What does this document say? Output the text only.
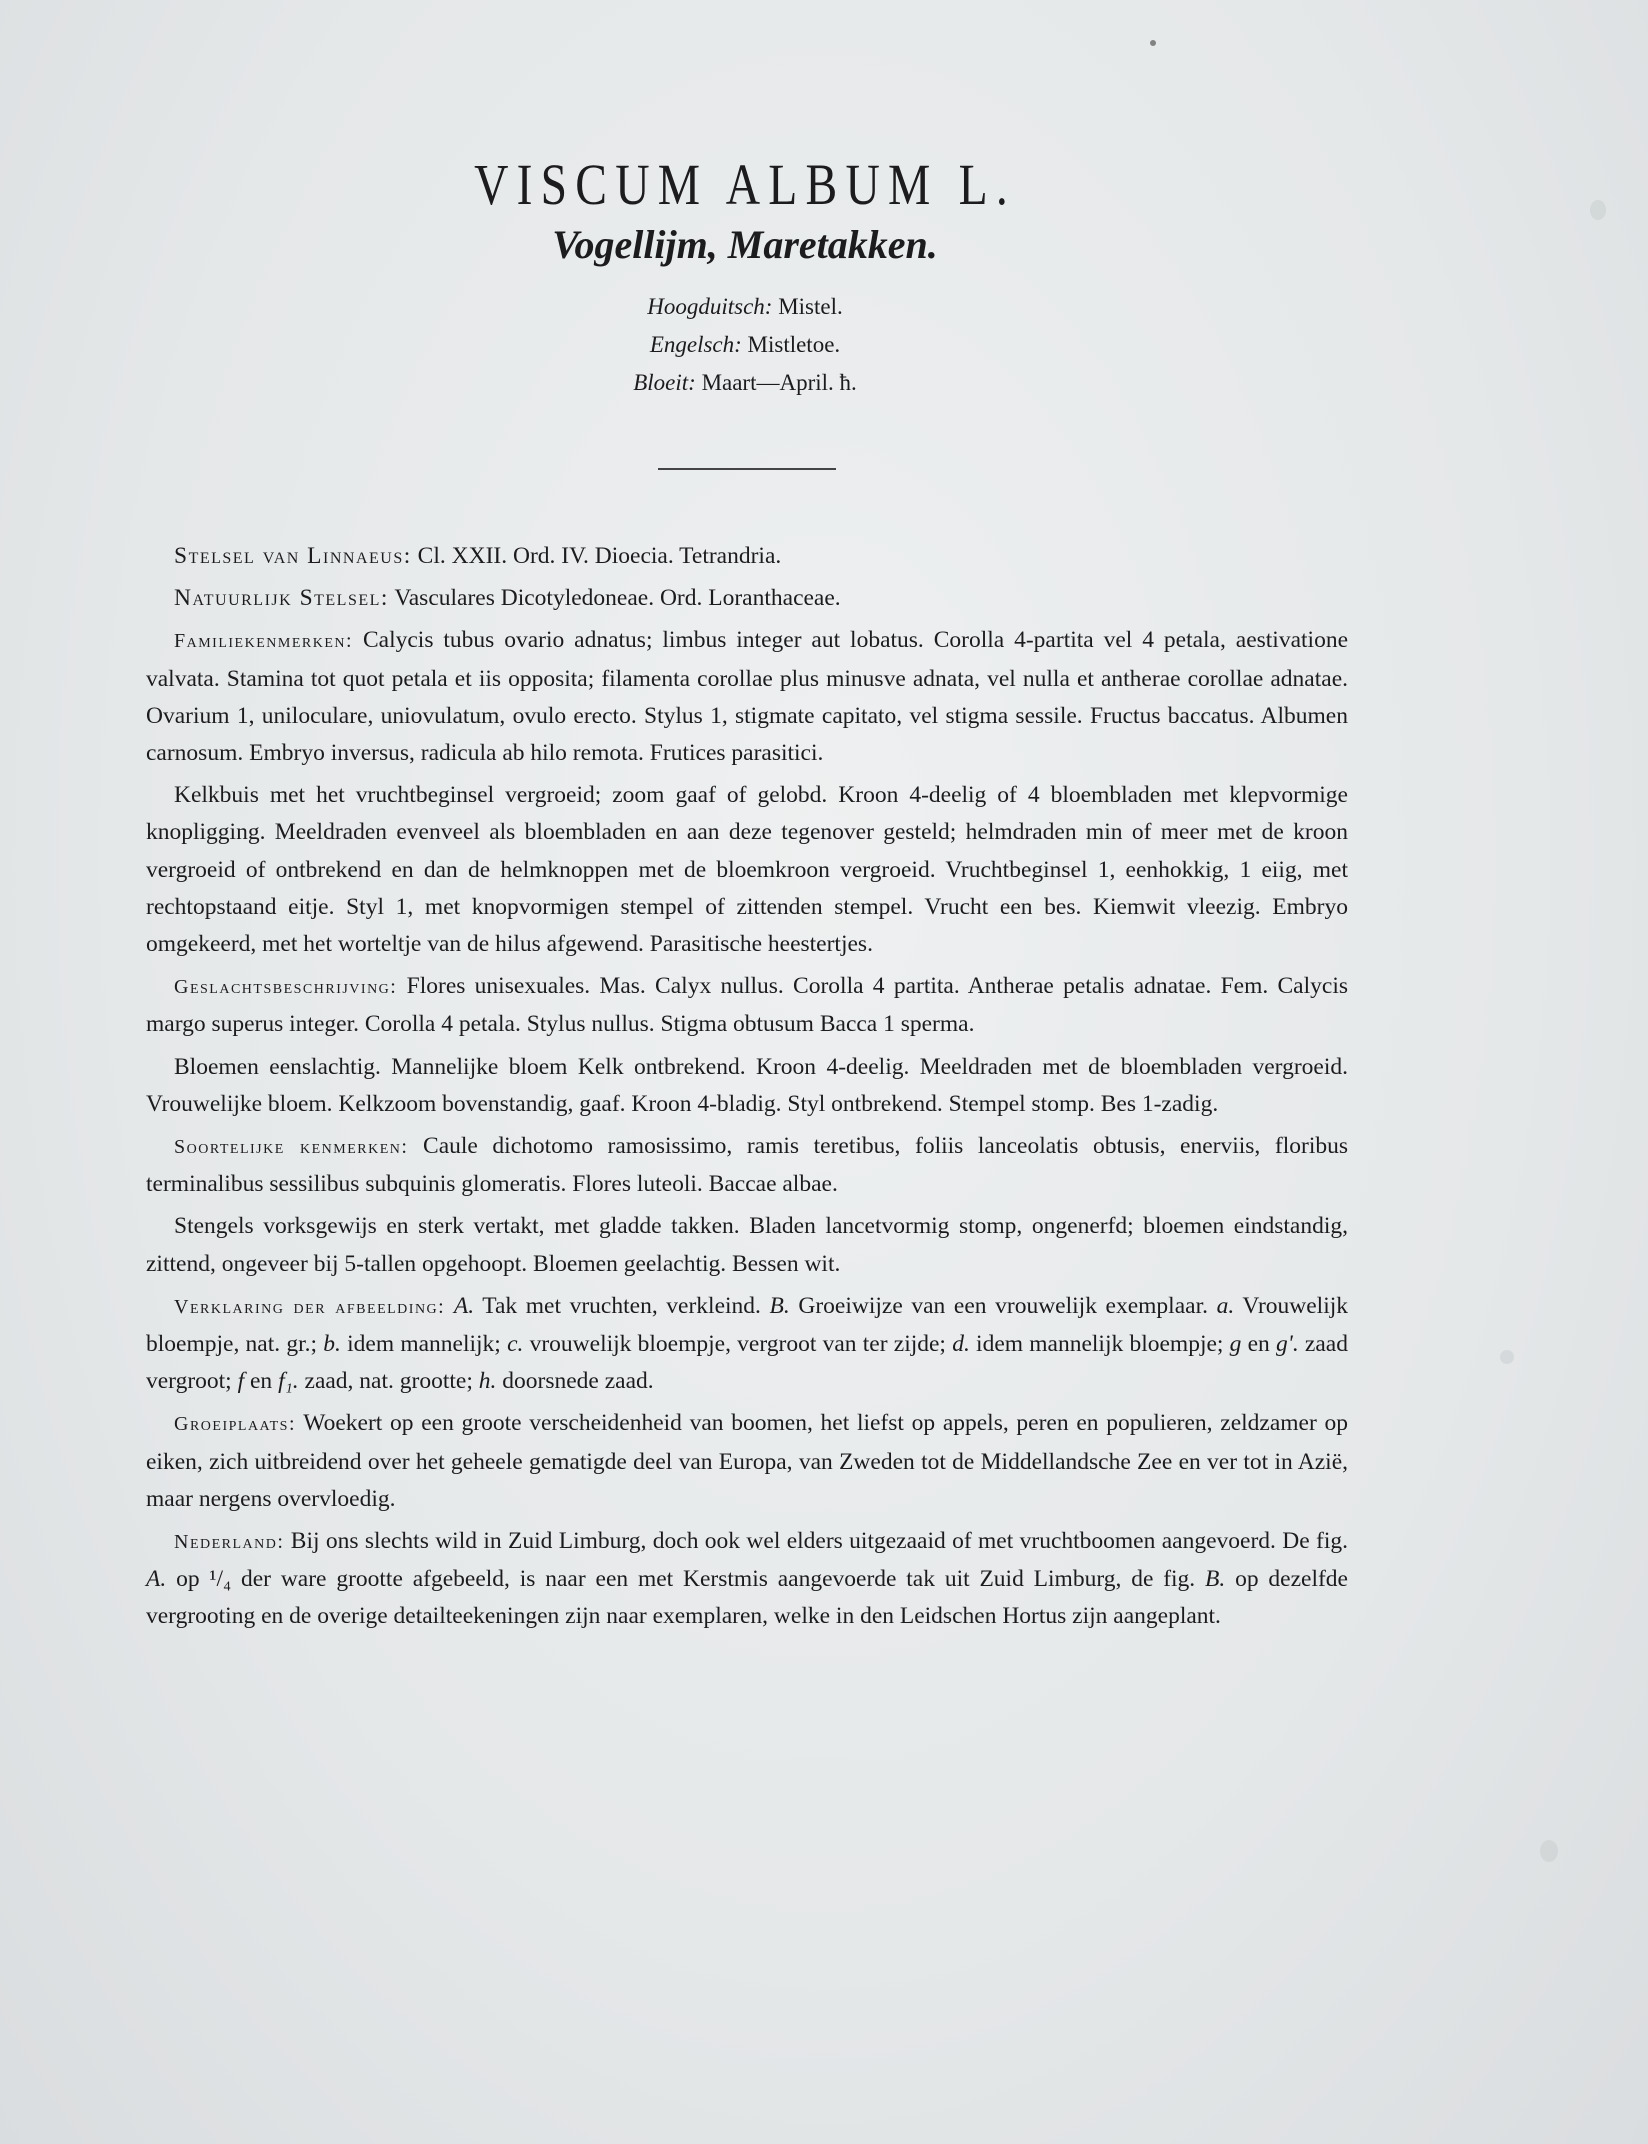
VISCUM ALBUM L.
Vogellijm, Maretakken.
Hoogduitsch: Mistel.
Engelsch: Mistletoe.
Bloeit: Maart—April. ħ.

Stelsel van Linnaeus: Cl. XXII. Ord. IV. Dioecia. Tetrandria.

Natuurlijk Stelsel: Vasculares Dicotyledoneae. Ord. Loranthaceae.

Familiekenmerken: Calycis tubus ovario adnatus; limbus integer aut lobatus. Corolla 4-partita vel 4 petala, aestivatione valvata. Stamina tot quot petala et iis opposita; filamenta corollae plus minusve adnata, vel nulla et antherae corollae adnatae. Ovarium 1, uniloculare, uniovulatum, ovulo erecto. Stylus 1, stigmate capitato, vel stigma sessile. Fructus baccatus. Albumen carnosum. Embryo inversus, radicula ab hilo remota. Frutices parasitici.

Kelkbuis met het vruchtbeginsel vergroeid; zoom gaaf of gelobd. Kroon 4-deelig of 4 bloembladen met klepvormige knopligging. Meeldraden evenveel als bloembladen en aan deze tegenover gesteld; helmdraden min of meer met de kroon vergroeid of ontbrekend en dan de helmknoppen met de bloemkroon vergroeid. Vruchtbeginsel 1, eenhokkig, 1 eiig, met rechtopstaand eitje. Styl 1, met knopvormigen stempel of zittenden stempel. Vrucht een bes. Kiemwit vleezig. Embryo omgekeerd, met het worteltje van de hilus afgewend. Parasitische heestertjes.

Geslachtsbeschrijving: Flores unisexuales. Mas. Calyx nullus. Corolla 4 partita. Antherae petalis adnatae. Fem. Calycis margo superus integer. Corolla 4 petala. Stylus nullus. Stigma obtusum Bacca 1 sperma.

Bloemen eenslachtig. Mannelijke bloem Kelk ontbrekend. Kroon 4-deelig. Meeldraden met de bloembladen vergroeid. Vrouwelijke bloem. Kelkzoom bovenstandig, gaaf. Kroon 4-bladig. Styl ontbrekend. Stempel stomp. Bes 1-zadig.

Soortelijke kenmerken: Caule dichotomo ramosissimo, ramis teretibus, foliis lanceolatis obtusis, enerviis, floribus terminalibus sessilibus subquinis glomeratis. Flores luteoli. Baccae albae.

Stengels vorksgewijs en sterk vertakt, met gladde takken. Bladen lancetvormig stomp, ongenerfd; bloemen eindstandig, zittend, ongeveer bij 5-tallen opgehoopt. Bloemen geelachtig. Bessen wit.

Verklaring der afbeelding: A. Tak met vruchten, verkleind. B. Groeiwijze van een vrouwelijk exemplaar. a. Vrouwelijk bloempje, nat. gr.; b. idem mannelijk; c. vrouwelijk bloempje, vergroot van ter zijde; d. idem mannelijk bloempje; g en g'. zaad vergroot; f en f₁. zaad, nat. grootte; h. doorsnede zaad.

Groeiplaats: Woekert op een groote verscheidenheid van boomen, het liefst op appels, peren en populieren, zeldzamer op eiken, zich uitbreidend over het geheele gematigde deel van Europa, van Zweden tot de Middellandsche Zee en ver tot in Azië, maar nergens overvloedig.

Nederland: Bij ons slechts wild in Zuid Limburg, doch ook wel elders uitgezaaid of met vruchtboomen aangevoerd. De fig. A. op ¹/₄ der ware grootte afgebeeld, is naar een met Kerstmis aangevoerde tak uit Zuid Limburg, de fig. B. op dezelfde vergrooting en de overige detailteekeningen zijn naar exemplaren, welke in den Leidschen Hortus zijn aangeplant.
